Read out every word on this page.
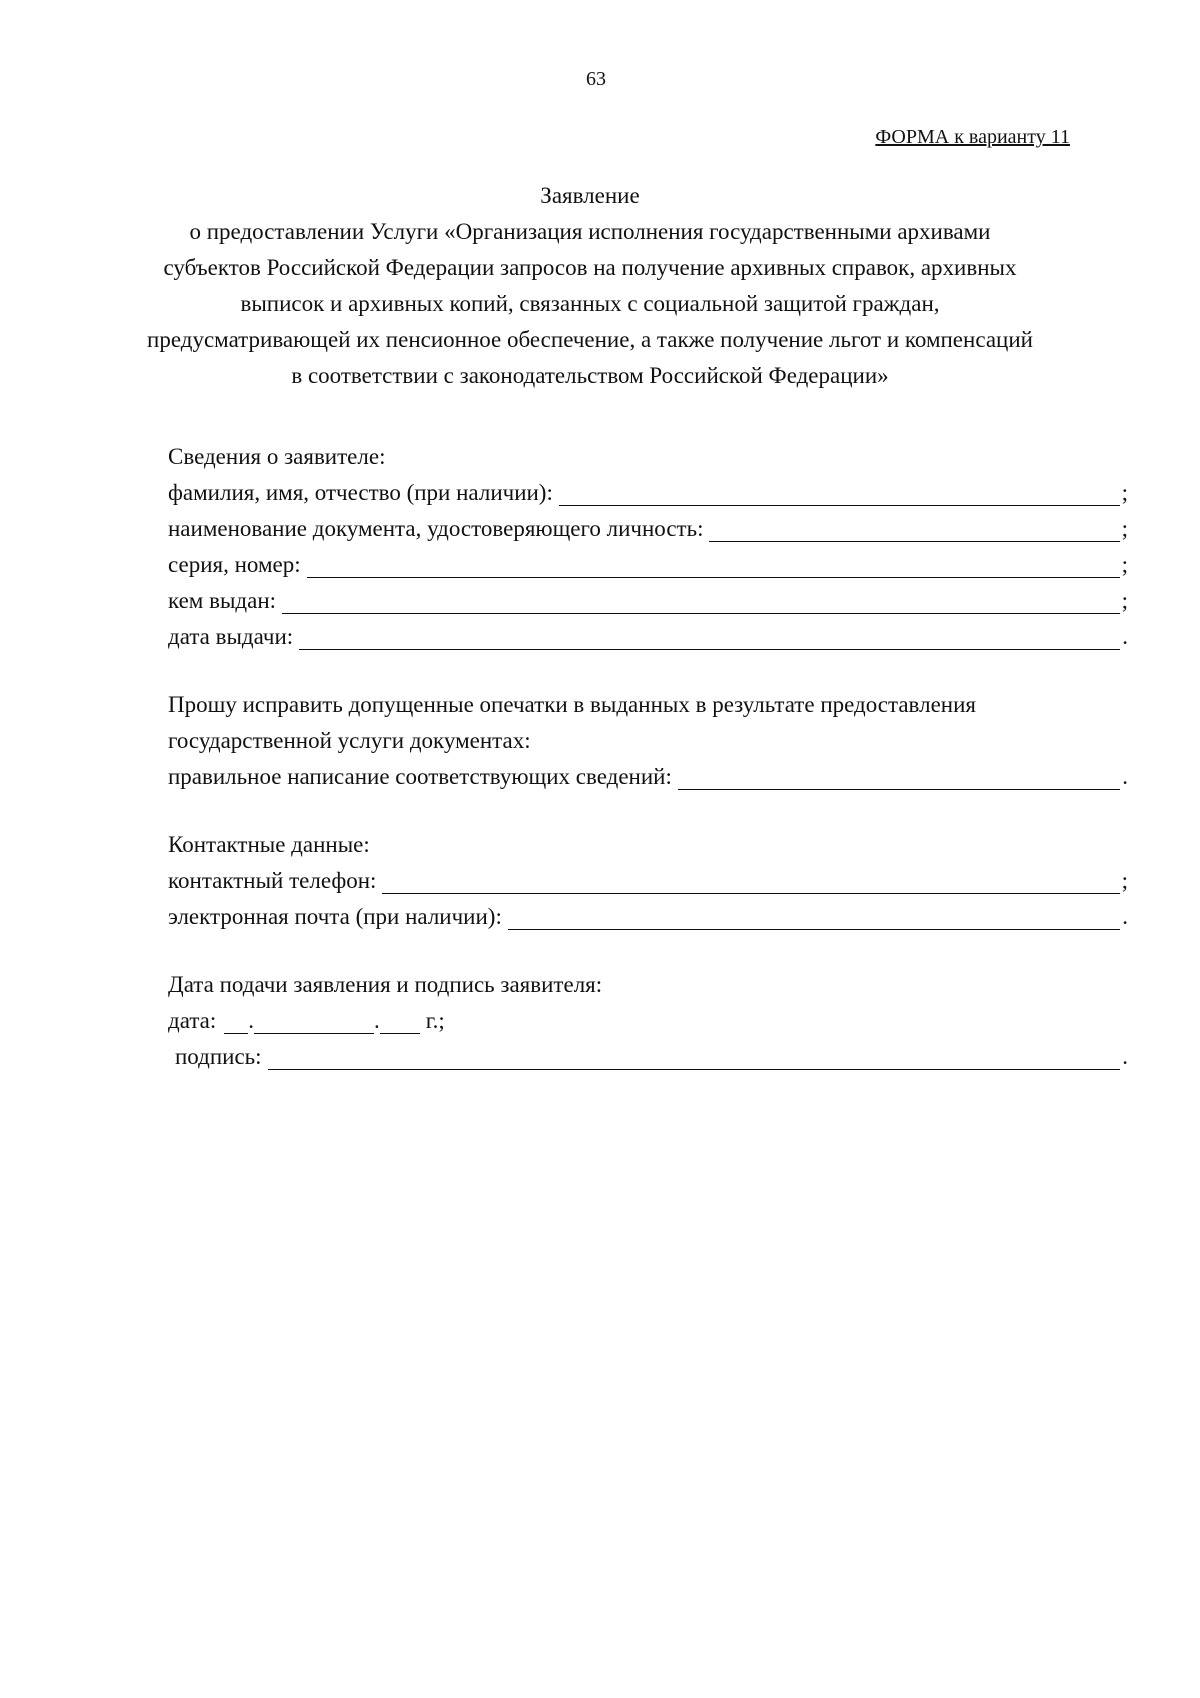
63
ФОРМА к варианту 11
Заявление
о предоставлении Услуги «Организация исполнения государственными архивами
субъектов Российской Федерации запросов на получение архивных справок, архивных
выписок и архивных копий, связанных с социальной защитой граждан,
предусматривающей их пенсионное обеспечение, а также получение льгот и компенсаций
в соответствии с законодательством Российской Федерации»
Сведения о заявителе:
фамилия, имя, отчество (при наличии):	;
наименование документа, удостоверяющего личность:	;
серия, номер:	;
кем выдан:	;
дата выдачи:	.
Прошу исправить допущенные опечатки в выданных в результате предоставления
государственной услуги документах:
правильное написание соответствующих сведений:	.
Контактные данные:
контактный телефон:	;
электронная почта (при наличии):	.
Дата подачи заявления и подпись заявителя:
дата: .	. г.;
подпись:	.
